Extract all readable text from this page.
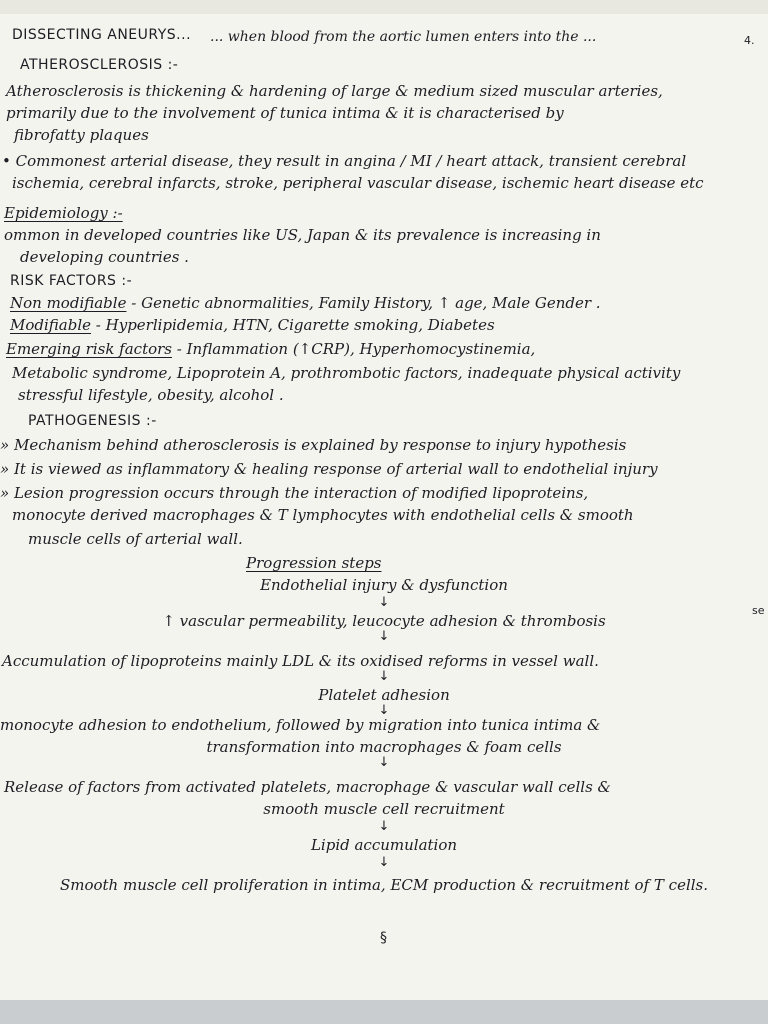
DISSECTING ANEURYS... ... when blood from the aortic lumen enters into the ...	4.
ATHEROSCLEROSIS :-
Atherosclerosis is thickening & hardening of large & medium sized muscular arteries,
primarily due to the involvement of tunica intima & it is characterised by
fibrofatty plaques
• Commonest arterial disease, they result in angina / MI / heart attack, transient cerebral
ischemia, cerebral infarcts, stroke, peripheral vascular disease, ischemic heart disease etc
Epidemiology :-
ommon in developed countries like US, Japan & its prevalence is increasing in
developing countries .
RISK FACTORS :-
Non modifiable - Genetic abnormalities, Family History, ↑ age, Male Gender .
Modifiable - Hyperlipidemia, HTN, Cigarette smoking, Diabetes
Emerging risk factors - Inflammation (↑CRP), Hyperhomocystinemia,
Metabolic syndrome, Lipoprotein A, prothrombotic factors, inadequate physical activity
stressful lifestyle, obesity, alcohol .
PATHOGENESIS :-
» Mechanism behind atherosclerosis is explained by response to injury hypothesis
» It is viewed as inflammatory & healing response of arterial wall to endothelial injury
» Lesion progression occurs through the interaction of modified lipoproteins,
monocyte derived macrophages & T lymphocytes with endothelial cells & smooth
muscle cells of arterial wall.
Progression steps
Endothelial injury & dysfunction
↓
↑ vascular permeability, leucocyte adhesion & thrombosis
↓
Accumulation of lipoproteins mainly LDL & its oxidised reforms in vessel wall.
↓
Platelet adhesion
↓
monocyte adhesion to endothelium, followed by migration into tunica intima &
transformation into macrophages & foam cells
↓
Release of factors from activated platelets, macrophage & vascular wall cells &
smooth muscle cell recruitment
↓
Lipid accumulation
↓
Smooth muscle cell proliferation in intima, ECM production & recruitment of T cells.
se
§
